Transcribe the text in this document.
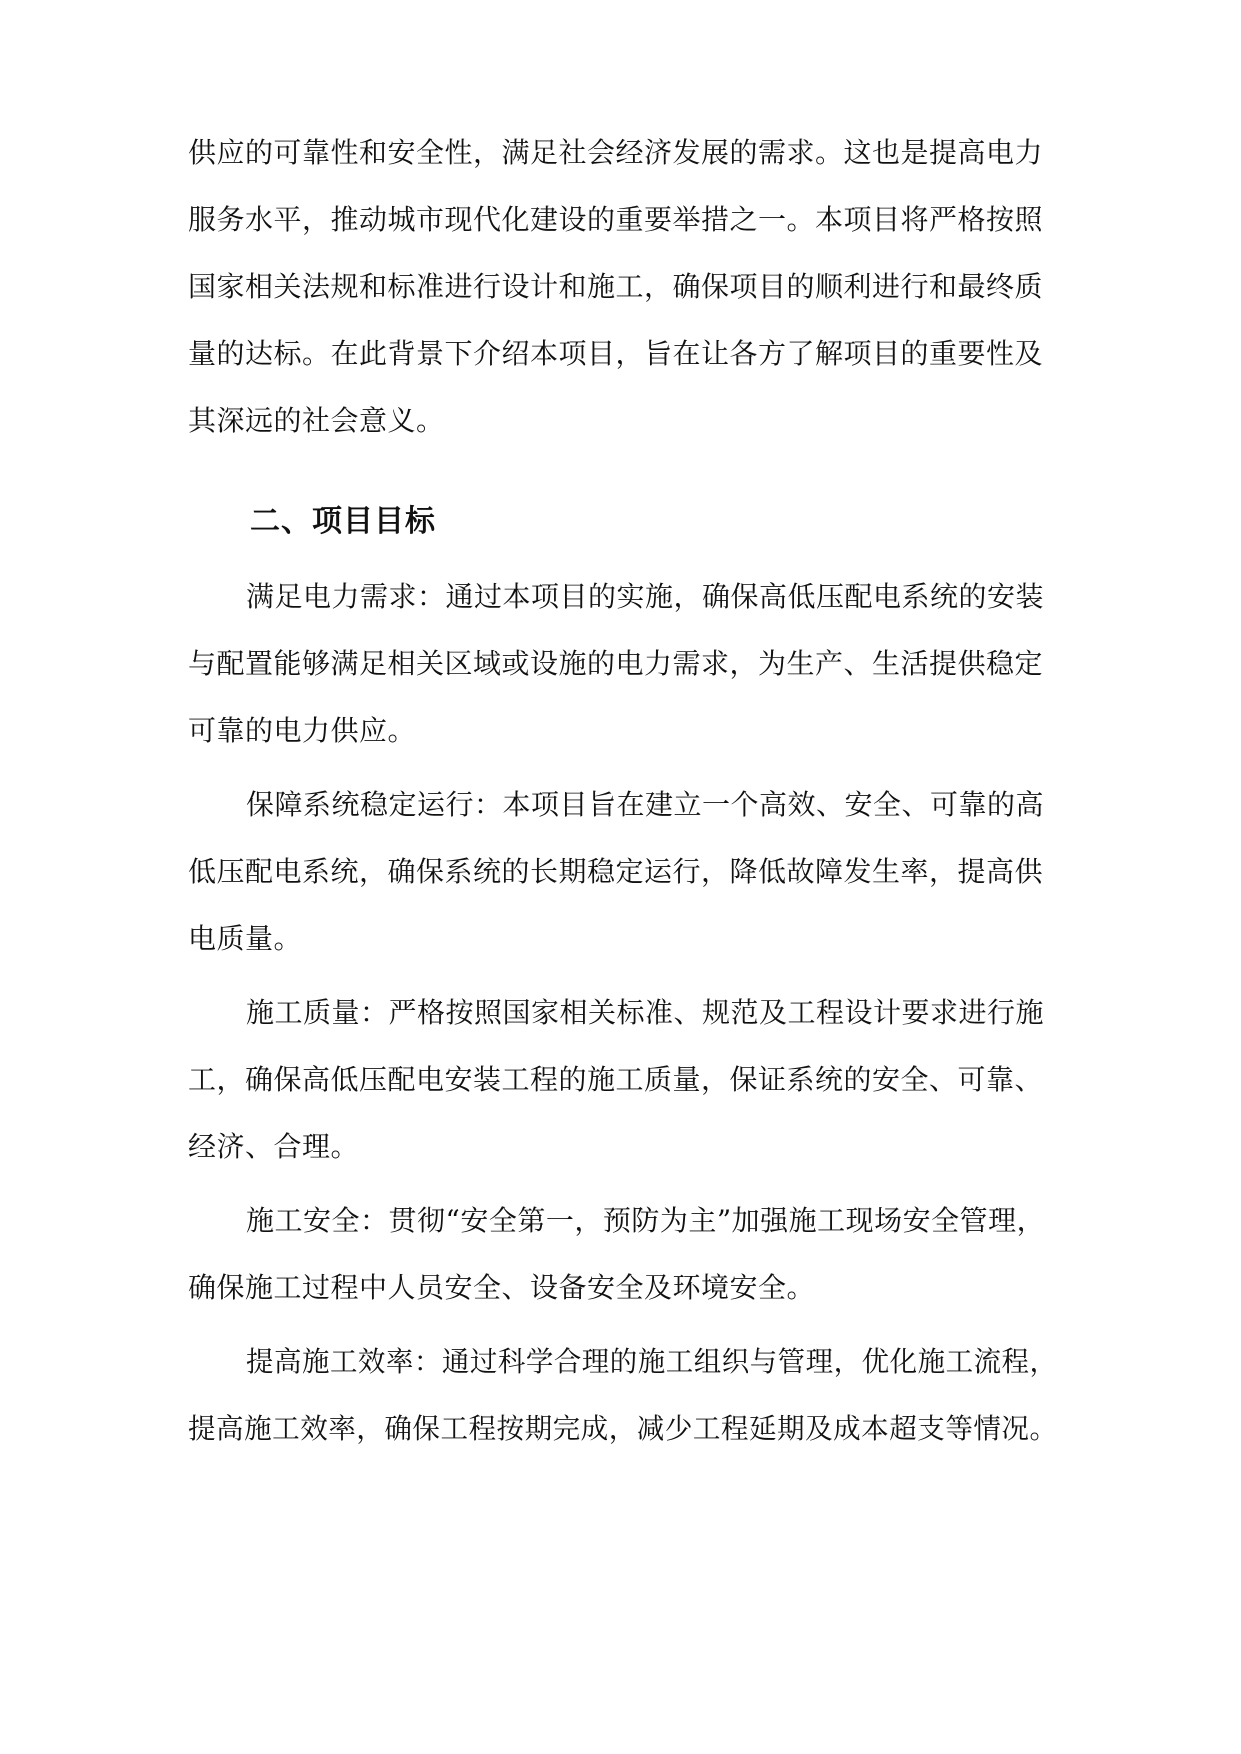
供应的可靠性和安全性，满足社会经济发展的需求。这也是提高电力
服务水平，推动城市现代化建设的重要举措之一。本项目将严格按照
国家相关法规和标准进行设计和施工，确保项目的顺利进行和最终质
量的达标。在此背景下介绍本项目，旨在让各方了解项目的重要性及
其深远的社会意义。
二、项目目标
满足电力需求：通过本项目的实施，确保高低压配电系统的安装
与配置能够满足相关区域或设施的电力需求，为生产、生活提供稳定
可靠的电力供应。
保障系统稳定运行：本项目旨在建立一个高效、安全、可靠的高
低压配电系统，确保系统的长期稳定运行，降低故障发生率，提高供
电质量。
施工质量：严格按照国家相关标准、规范及工程设计要求进行施
工，确保高低压配电安装工程的施工质量，保证系统的安全、可靠、
经济、合理。
施工安全：贯彻“安全第一，预防为主”加强施工现场安全管理，
确保施工过程中人员安全、设备安全及环境安全。
提高施工效率：通过科学合理的施工组织与管理，优化施工流程，
提高施工效率，确保工程按期完成，减少工程延期及成本超支等情况。
